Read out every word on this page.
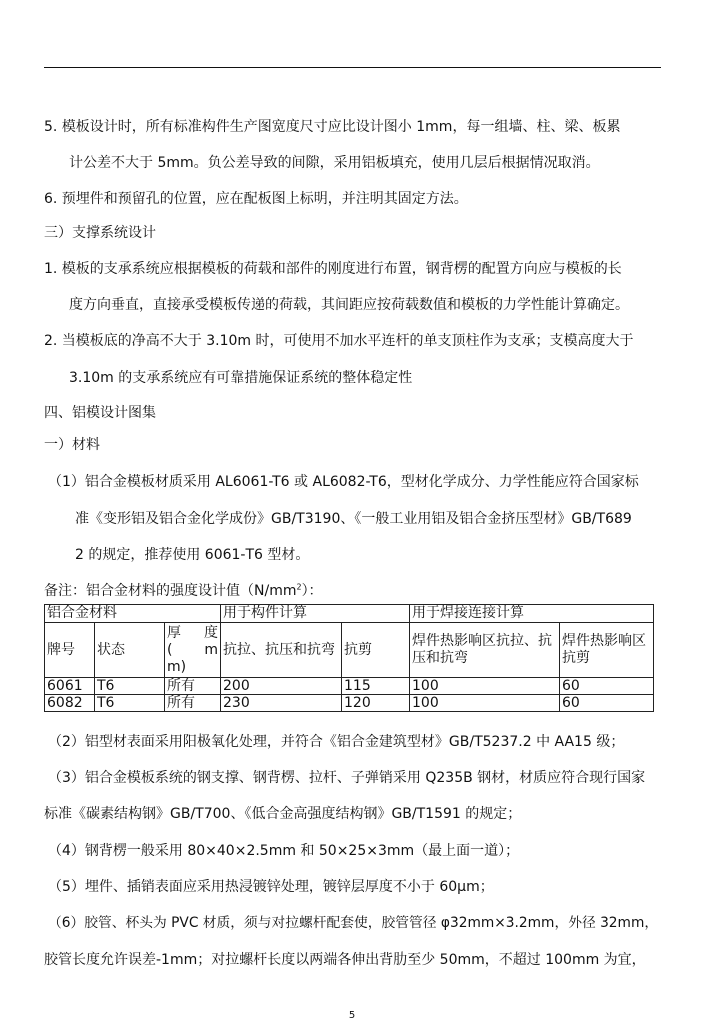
5. 模板设计时，所有标准构件生产图宽度尺寸应比设计图小 1mm，每一组墙、柱、梁、板累
计公差不大于 5mm。负公差导致的间隙，采用铝板填充，使用几层后根据情况取消。
6. 预埋件和预留孔的位置，应在配板图上标明，并注明其固定方法。
三）支撑系统设计
1. 模板的支承系统应根据模板的荷载和部件的刚度进行布置，钢背楞的配置方向应与模板的长
度方向垂直，直接承受模板传递的荷载，其间距应按荷载数值和模板的力学性能计算确定。
2. 当模板底的净高不大于 3.10m 时，可使用不加水平连杆的单支顶柱作为支承；支模高度大于
3.10m 的支承系统应有可靠措施保证系统的整体稳定性
四、铝模设计图集
一）材料
（1）铝合金模板材质采用 AL6061-T6 或 AL6082-T6，型材化学成分、力学性能应符合国家标
准《变形铝及铝合金化学成份》GB/T3190、《一般工业用铝及铝合金挤压型材》GB/T689
2 的规定，推荐使用 6061-T6 型材。
备注：铝合金材料的强度设计值$(N/mm^2)$：
铝合金材料			用于构件计算		用于焊接连接计算	
牌号	状态	厚 度
( m
m)	抗拉、抗压和抗弯	抗剪	焊件热影响区抗拉、抗压和抗弯	焊件热影响区抗剪
6061	T6	所有	200	115	100	60
6082	T6	所有	230	120	100	60
（2）铝型材表面采用阳极氧化处理，并符合《铝合金建筑型材》GB/T5237.2 中 AA15 级；
（3）铝合金模板系统的钢支撑、钢背楞、拉杆、子弹销采用 Q235B 钢材，材质应符合现行国家
标准《碳素结构钢》GB/T700、《低合金高强度结构钢》GB/T1591 的规定；
（4）钢背楞一般采用 80×40×2.5mm 和 50×25×3mm（最上面一道）；
（5）埋件、插销表面应采用热浸镀锌处理，镀锌层厚度不小于 60μm；
（6）胶管、杯头为 PVC 材质，须与对拉螺杆配套使，胶管管径 φ32mm×3.2mm，外径 32mm，
胶管长度允许误差-1mm；对拉螺杆长度以两端各伸出背肋至少 50mm，不超过 100mm 为宜，
5
